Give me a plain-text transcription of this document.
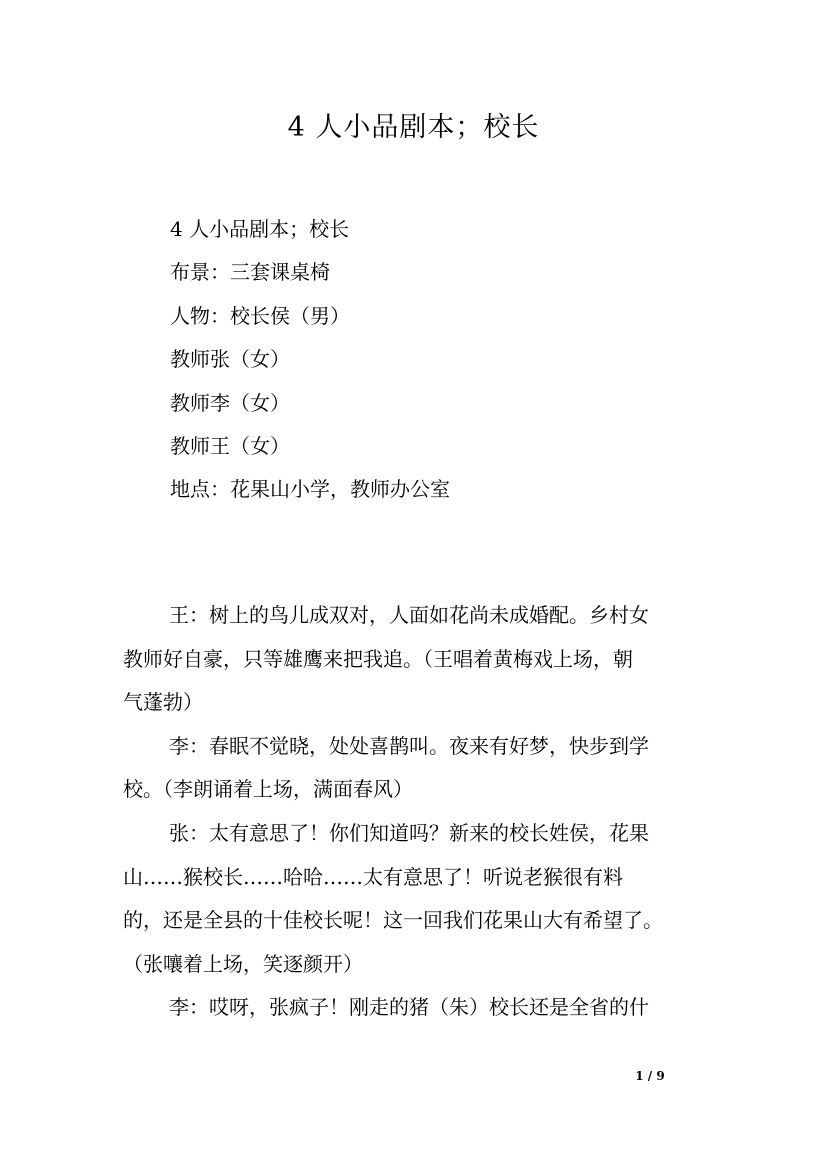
4 人小品剧本；校长

4 人小品剧本；校长

布景：三套课桌椅

人物：校长侯（男）

教师张（女）

教师李（女）

教师王（女）

地点：花果山小学，教师办公室

王：树上的鸟儿成双对，人面如花尚未成婚配。乡村女
教师好自豪，只等雄鹰来把我追。（王唱着黄梅戏上场，朝
气蓬勃）

李：春眠不觉晓，处处喜鹊叫。夜来有好梦，快步到学
校。（李朗诵着上场，满面春风）

张：太有意思了！你们知道吗？新来的校长姓侯，花果
山……猴校长……哈哈……太有意思了！听说老猴很有料
的，还是全县的十佳校长呢！这一回我们花果山大有希望了。
（张嚷着上场，笑逐颜开）

李：哎呀，张疯子！刚走的猪（朱）校长还是全省的什

1 / 9
